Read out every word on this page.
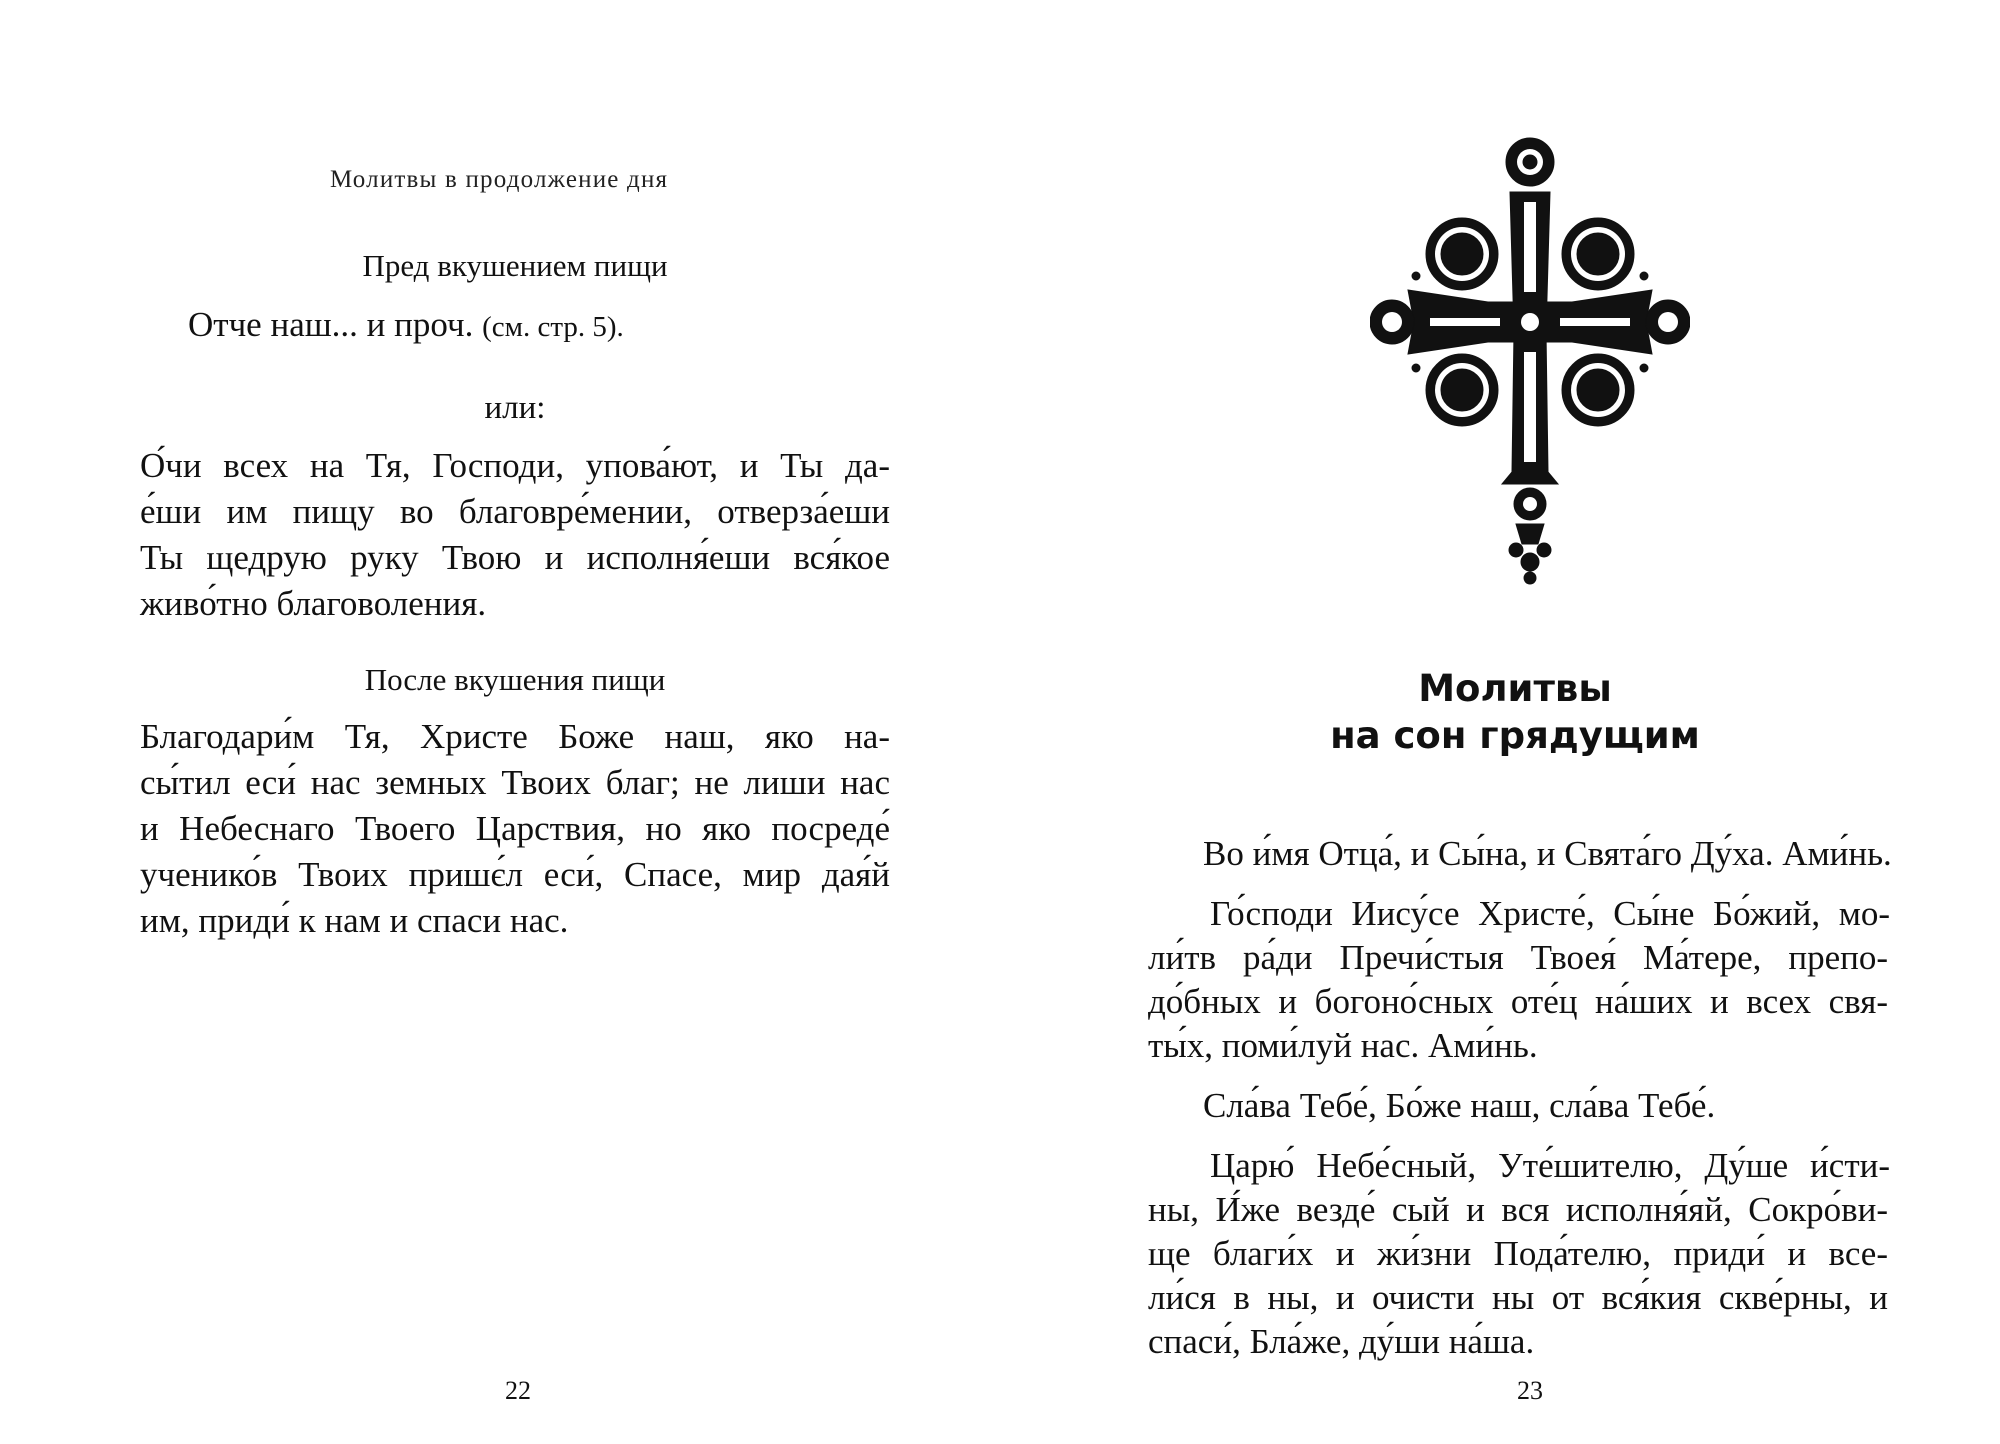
Молитвы в продолжение дня
Пред вкушением пищи
Отче наш... и проч. (см. стр. 5).
или:
О́чи всех на Тя, Господи, упова́ют, и Ты да-
е́ши им пищу во благовре́мении, отверза́еши
Ты щедрую руку Твою и исполня́еши вся́кое
живо́тно благоволения.
После вкушения пищи
Благодари́м Тя, Христе Боже наш, яко на-
сы́тил еси́ нас земных Твоих благ; не лиши нас
и Небеснаго Твоего Царствия, но яко посреде́
ученико́в Твоих пришє́л еси́, Спасе, мир дая́й
им, приди́ к нам и спаси нас.
22
Молитвы
на сон грядущим
Во и́мя Отца́, и Сы́на, и Свята́го Ду́ха. Ами́нь.
Го́споди Иису́се Христе́, Сы́не Бо́жий, мо-
ли́тв ра́ди Пречи́стыя Твоея́ Ма́тере, препо-
до́бных и богоно́сных оте́ц на́ших и всех свя-
ты́х, поми́луй нас. Ами́нь.
Сла́ва Тебе́, Бо́же наш, сла́ва Тебе́.
Царю́ Небе́сный, Уте́шителю, Ду́ше и́сти-
ны, И́же везде́ сый и вся исполня́яй, Сокро́ви-
ще благи́х и жи́зни Пода́телю, приди́ и все-
ли́ся в ны, и очисти ны от вся́кия скве́рны, и
спаси́, Бла́же, ду́ши на́ша.
23
